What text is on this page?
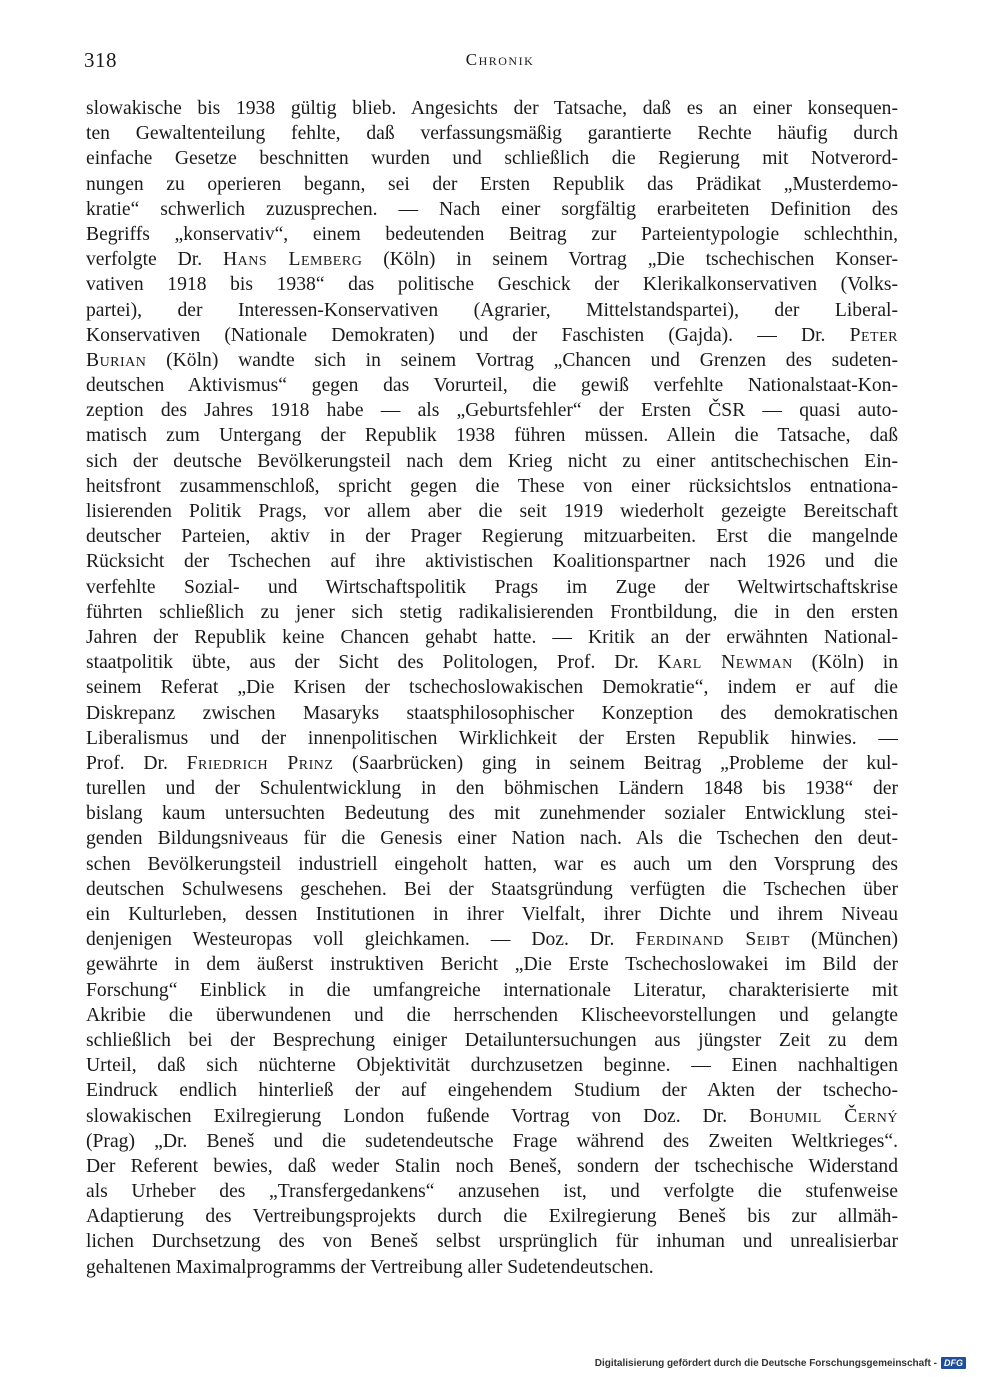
318	Chronik
slowakische bis 1938 gültig blieb. Angesichts der Tatsache, daß es an einer konsequen-
ten Gewaltenteilung fehlte, daß verfassungsmäßig garantierte Rechte häufig durch
einfache Gesetze beschnitten wurden und schließlich die Regierung mit Notverord-
nungen zu operieren begann, sei der Ersten Republik das Prädikat „Musterdemo-
kratie“ schwerlich zuzusprechen. — Nach einer sorgfältig erarbeiteten Definition des
Begriffs „konservativ“, einem bedeutenden Beitrag zur Parteientypologie schlechthin,
verfolgte Dr. Hans Lemberg (Köln) in seinem Vortrag „Die tschechischen Konser-
vativen 1918 bis 1938“ das politische Geschick der Klerikalkonservativen (Volks-
partei), der Interessen-Konservativen (Agrarier, Mittelstandspartei), der Liberal-
Konservativen (Nationale Demokraten) und der Faschisten (Gajda). — Dr. Peter
Burian (Köln) wandte sich in seinem Vortrag „Chancen und Grenzen des sudeten-
deutschen Aktivismus“ gegen das Vorurteil, die gewiß verfehlte Nationalstaat-Kon-
zeption des Jahres 1918 habe — als „Geburtsfehler“ der Ersten ČSR — quasi auto-
matisch zum Untergang der Republik 1938 führen müssen. Allein die Tatsache, daß
sich der deutsche Bevölkerungsteil nach dem Krieg nicht zu einer antitschechischen Ein-
heitsfront zusammenschloß, spricht gegen die These von einer rücksichtslos entnationa-
lisierenden Politik Prags, vor allem aber die seit 1919 wiederholt gezeigte Bereitschaft
deutscher Parteien, aktiv in der Prager Regierung mitzuarbeiten. Erst die mangelnde
Rücksicht der Tschechen auf ihre aktivistischen Koalitionspartner nach 1926 und die
verfehlte Sozial- und Wirtschaftspolitik Prags im Zuge der Weltwirtschaftskrise
führten schließlich zu jener sich stetig radikalisierenden Frontbildung, die in den ersten
Jahren der Republik keine Chancen gehabt hatte. — Kritik an der erwähnten National-
staatpolitik übte, aus der Sicht des Politologen, Prof. Dr. Karl Newman (Köln) in
seinem Referat „Die Krisen der tschechoslowakischen Demokratie“, indem er auf die
Diskrepanz zwischen Masaryks staatsphilosophischer Konzeption des demokratischen
Liberalismus und der innenpolitischen Wirklichkeit der Ersten Republik hinwies. —
Prof. Dr. Friedrich Prinz (Saarbrücken) ging in seinem Beitrag „Probleme der kul-
turellen und der Schulentwicklung in den böhmischen Ländern 1848 bis 1938“ der
bislang kaum untersuchten Bedeutung des mit zunehmender sozialer Entwicklung stei-
genden Bildungsniveaus für die Genesis einer Nation nach. Als die Tschechen den deut-
schen Bevölkerungsteil industriell eingeholt hatten, war es auch um den Vorsprung des
deutschen Schulwesens geschehen. Bei der Staatsgründung verfügten die Tschechen über
ein Kulturleben, dessen Institutionen in ihrer Vielfalt, ihrer Dichte und ihrem Niveau
denjenigen Westeuropas voll gleichkamen. — Doz. Dr. Ferdinand Seibt (München)
gewährte in dem äußerst instruktiven Bericht „Die Erste Tschechoslowakei im Bild der
Forschung“ Einblick in die umfangreiche internationale Literatur, charakterisierte mit
Akribie die überwundenen und die herrschenden Klischeevorstellungen und gelangte
schließlich bei der Besprechung einiger Detailuntersuchungen aus jüngster Zeit zu dem
Urteil, daß sich nüchterne Objektivität durchzusetzen beginne. — Einen nachhaltigen
Eindruck endlich hinterließ der auf eingehendem Studium der Akten der tschecho-
slowakischen Exilregierung London fußende Vortrag von Doz. Dr. Bohumil Černý
(Prag) „Dr. Beneš und die sudetendeutsche Frage während des Zweiten Weltkrieges“.
Der Referent bewies, daß weder Stalin noch Beneš, sondern der tschechische Widerstand
als Urheber des „Transfergedankens“ anzusehen ist, und verfolgte die stufenweise
Adaptierung des Vertreibungsprojekts durch die Exilregierung Beneš bis zur allmäh-
lichen Durchsetzung des von Beneš selbst ursprünglich für inhuman und unrealisierbar
gehaltenen Maximalprogramms der Vertreibung aller Sudetendeutschen.
Digitalisierung gefördert durch die Deutsche Forschungsgemeinschaft - DFG
